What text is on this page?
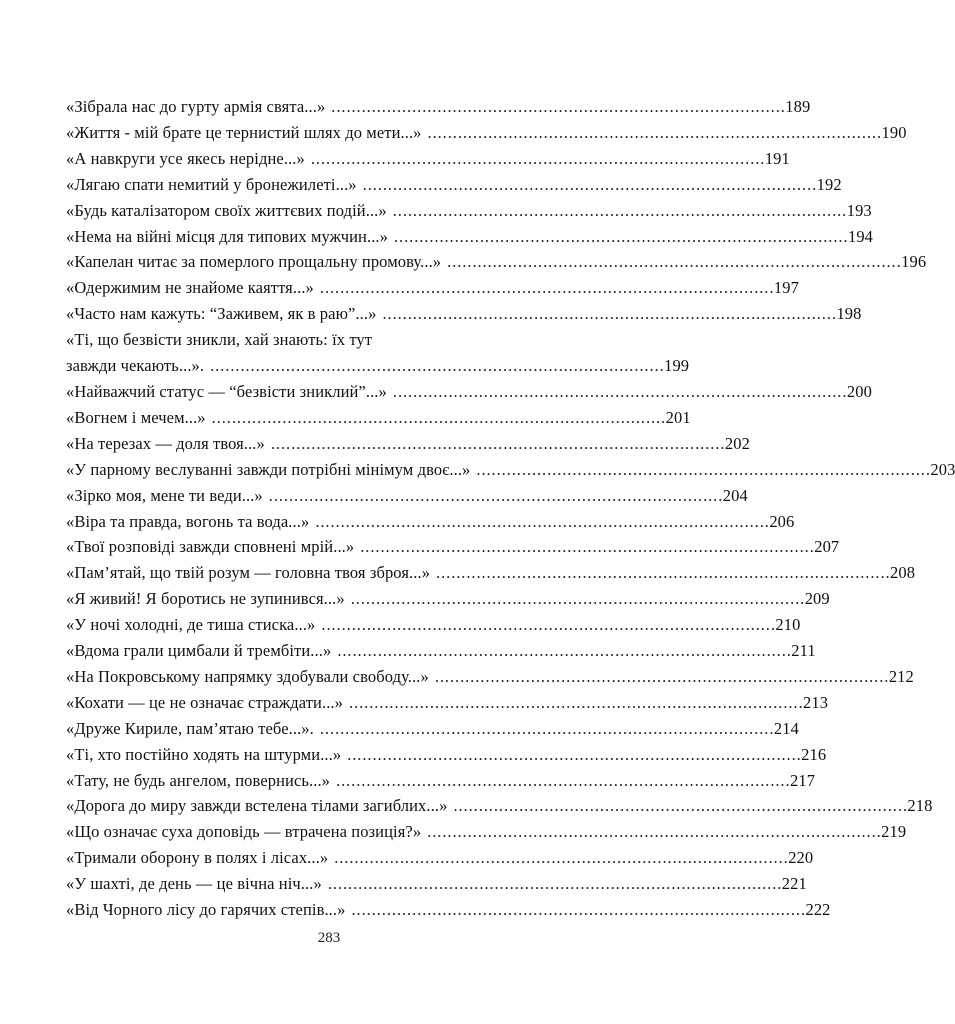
«Зібрала нас до гурту армія свята...» . . .	189
«Життя - мій брате це тернистий шлях до мети...» . . .	190
«А навкруги усе якесь нерідне...» . . .	191
«Лягаю спати немитий у бронежилеті...» . . .	192
«Будь каталізатором своїх життєвих подій...» . . .	193
«Нема на війні місця для типових мужчин...» . . .	194
«Капелан читає за померлого прощальну промову...» . . .	196
«Одержимим не знайоме каяття...» . . .	197
«Часто нам кажуть: “Заживем, як в раю”...» . . .	198
«Ті, що безвісти зникли, хай знають: їх тут
завжди чекають...». . . .	199
«Найважчий статус — “безвісти зниклий”...» . . .	200
«Вогнем і мечем...» . . .	201
«На терезах — доля твоя...» . . .	202
«У парному веслуванні завжди потрібні мінімум двоє...» . . .	203
«Зірко моя, мене ти веди...» . . .	204
«Віра та правда, вогонь та вода...» . . .	206
«Твої розповіді завжди сповнені мрій...» . . .	207
«Пам’ятай, що твій розум — головна твоя зброя...» . . .	208
«Я живий! Я боротись не зупинився...» . . .	209
«У ночі холодні, де тиша стиска...» . . .	210
«Вдома грали цимбали й трембіти...» . . .	211
«На Покровському напрямку здобували свободу...» . . .	212
«Кохати — це не означає страждати...» . . .	213
«Друже Кириле, пам’ятаю тебе...». . . .	214
«Ті, хто постійно ходять на штурми...» . . .	216
«Тату, не будь ангелом, повернись...» . . .	217
«Дорога до миру завжди встелена тілами загиблих...» . . .	218
«Що означає суха доповідь — втрачена позиція?» . . .	219
«Тримали оборону в полях і лісах...» . . .	220
«У шахті, де день — це вічна ніч...» . . .	221
«Від Чорного лісу до гарячих степів...» . . .	222
283
